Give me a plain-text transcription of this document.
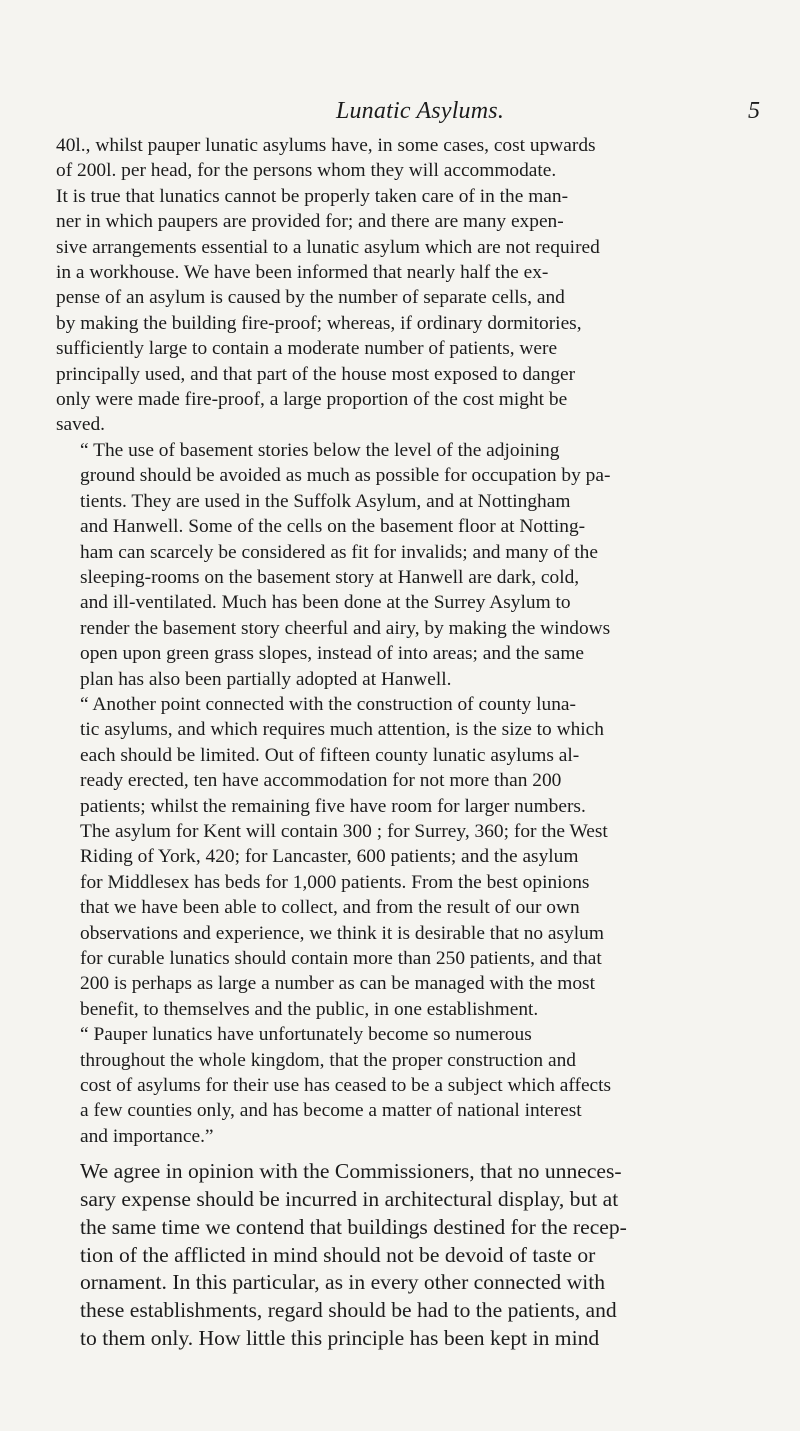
Lunatic Asylums.	5

40l., whilst pauper lunatic asylums have, in some cases, cost upwards
of 200l. per head, for the persons whom they will accommodate.
It is true that lunatics cannot be properly taken care of in the man-
ner in which paupers are provided for; and there are many expen-
sive arrangements essential to a lunatic asylum which are not required
in a workhouse. We have been informed that nearly half the ex-
pense of an asylum is caused by the number of separate cells, and
by making the building fire-proof; whereas, if ordinary dormitories,
sufficiently large to contain a moderate number of patients, were
principally used, and that part of the house most exposed to danger
only were made fire-proof, a large proportion of the cost might be
saved.

“ The use of basement stories below the level of the adjoining
ground should be avoided as much as possible for occupation by pa-
tients. They are used in the Suffolk Asylum, and at Nottingham
and Hanwell. Some of the cells on the basement floor at Notting-
ham can scarcely be considered as fit for invalids; and many of the
sleeping-rooms on the basement story at Hanwell are dark, cold,
and ill-ventilated. Much has been done at the Surrey Asylum to
render the basement story cheerful and airy, by making the windows
open upon green grass slopes, instead of into areas; and the same
plan has also been partially adopted at Hanwell.

“ Another point connected with the construction of county luna-
tic asylums, and which requires much attention, is the size to which
each should be limited. Out of fifteen county lunatic asylums al-
ready erected, ten have accommodation for not more than 200
patients; whilst the remaining five have room for larger numbers.
The asylum for Kent will contain 300 ; for Surrey, 360; for the West
Riding of York, 420; for Lancaster, 600 patients; and the asylum
for Middlesex has beds for 1,000 patients. From the best opinions
that we have been able to collect, and from the result of our own
observations and experience, we think it is desirable that no asylum
for curable lunatics should contain more than 250 patients, and that
200 is perhaps as large a number as can be managed with the most
benefit, to themselves and the public, in one establishment.

“ Pauper lunatics have unfortunately become so numerous
throughout the whole kingdom, that the proper construction and
cost of asylums for their use has ceased to be a subject which affects
a few counties only, and has become a matter of national interest
and importance.”

We agree in opinion with the Commissioners, that no unneces-
sary expense should be incurred in architectural display, but at
the same time we contend that buildings destined for the recep-
tion of the afflicted in mind should not be devoid of taste or
ornament. In this particular, as in every other connected with
these establishments, regard should be had to the patients, and
to them only. How little this principle has been kept in mind
